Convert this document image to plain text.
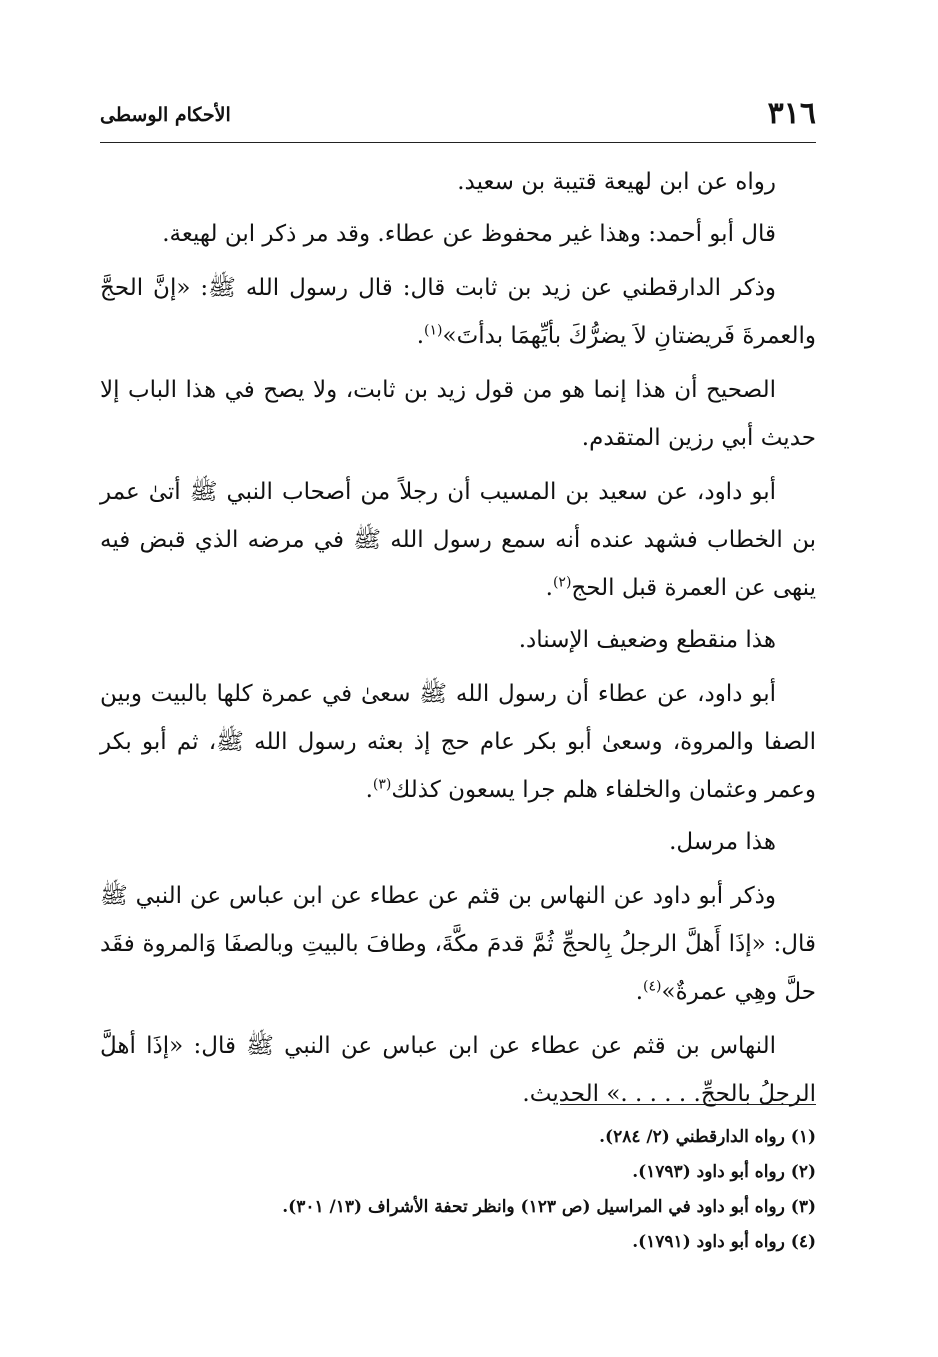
٣١٦
الأحكام الوسطى

رواه عن ابن لهيعة قتيبة بن سعيد.

قال أبو أحمد: وهذا غير محفوظ عن عطاء. وقد مر ذكر ابن لهيعة.

وذكر الدارقطني عن زيد بن ثابت قال: قال رسول الله ﷺ: «إنَّ الحجَّ والعمرةَ فَريضتانِ لاَ يضرُّكَ بأيِّهمَا بدأتَ»$^{(١)}$.

الصحيح أن هذا إنما هو من قول زيد بن ثابت، ولا يصح في هذا الباب إلا حديث أبي رزين المتقدم.

أبو داود، عن سعيد بن المسيب أن رجلاً من أصحاب النبي ﷺ أتىٰ عمر بن الخطاب فشهد عنده أنه سمع رسول الله ﷺ في مرضه الذي قبض فيه ينهى عن العمرة قبل الحج$^{(٢)}$.

هذا منقطع وضعيف الإسناد.

أبو داود، عن عطاء أن رسول الله ﷺ سعىٰ في عمرة كلها بالبيت وبين الصفا والمروة، وسعىٰ أبو بكر عام حج إذ بعثه رسول الله ﷺ، ثم أبو بكر وعمر وعثمان والخلفاء هلم جرا يسعون كذلك$^{(٣)}$.

هذا مرسل.

وذكر أبو داود عن النهاس بن قثم عن عطاء عن ابن عباس عن النبي ﷺ قال: «إذَا أَهلَّ الرجلُ بِالحجِّ ثُمَّ قدمَ مكَّةَ، وطافَ بالبيتِ وبالصفَا وَالمروة فقَد حلَّ وهِي عمرةٌ»$^{(٤)}$.

النهاس بن قثم عن عطاء عن ابن عباس عن النبي ﷺ قال: «إذَا أهلَّ الرجلُ بالحجِّ. . . . . .» الحديث.

(١) رواه الدارقطني (٢/ ٢٨٤).

(٢) رواه أبو داود (١٧٩٣).

(٣) رواه أبو داود في المراسيل (ص ١٢٣) وانظر تحفة الأشراف (١٣/ ٣٠١).

(٤) رواه أبو داود (١٧٩١).
